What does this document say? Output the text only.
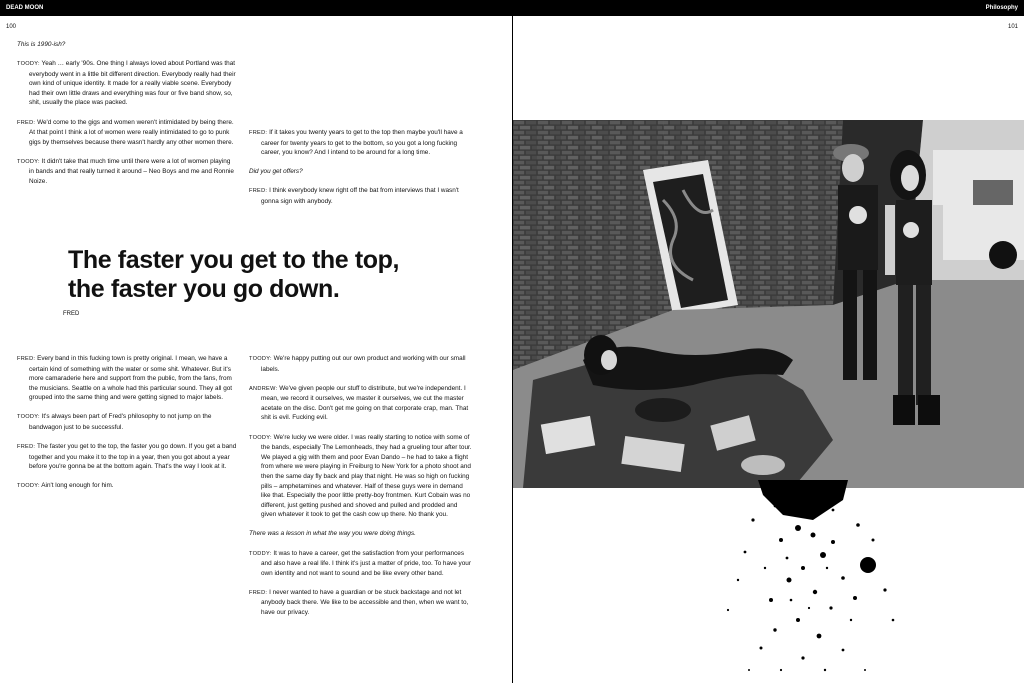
DEAD MOON	Philosophy
100	101

This is 1990-ish?

TOODY: Yeah … early '90s. One thing I always loved about Portland was that everybody went in a little bit different direction. Everybody really had their own kind of unique identity. It made for a really viable scene. Everybody had their own little draws and everything was four or five band show, so, shit, usually the place was packed.

FRED: We'd come to the gigs and women weren't intimidated by being there. At that point I think a lot of women were really intimidated to go to punk gigs by themselves because there wasn't hardly any other women there.

TOODY: It didn't take that much time until there were a lot of women playing in bands and that really turned it around – Neo Boys and me and Ronnie Noize.

FRED: If it takes you twenty years to get to the top then maybe you'll have a career for twenty years to get to the bottom, so you got a long fucking career, you know? And I intend to be around for a long time.

Did you get offers?

FRED: I think everybody knew right off the bat from interviews that I wasn't gonna sign with anybody.

The faster you get to the top,
the faster you go down.
FRED

FRED: Every band in this fucking town is pretty original. I mean, we have a certain kind of something with the water or some shit. Whatever. But it's more camaraderie here and support from the public, from the fans, from the musicians. Seattle on a whole had this particular sound. They all got grouped into the same thing and were getting signed to major labels.

TOODY: It's always been part of Fred's philosophy to not jump on the bandwagon just to be successful.

FRED: The faster you get to the top, the faster you go down. If you get a band together and you make it to the top in a year, then you got about a year before you're gonna be at the bottom again. That's the way I look at it.

TOODY: Ain't long enough for him.

TOODY: We're happy putting out our own product and working with our small labels.

ANDREW: We've given people our stuff to distribute, but we're independent. I mean, we record it ourselves, we master it ourselves, we cut the master acetate on the disc. Don't get me going on that corporate crap, man. That shit is evil. Fucking evil.

TOODY: We're lucky we were older. I was really starting to notice with some of the bands, especially The Lemonheads, they had a grueling tour after tour. We played a gig with them and poor Evan Dando – he had to take a flight from where we were playing in Freiburg to New York for a photo shoot and then the same day fly back and play that night. He was so high on fucking pills – amphetamines and whatever. Half of these guys were in demand like that. Especially the poor little pretty-boy frontmen. Kurt Cobain was no different, just getting pushed and shoved and pulled and prodded and given whatever it took to get the cash cow up there. No thank you.

There was a lesson in what the way you were doing things.

TODDY: It was to have a career, get the satisfaction from your performances and also have a real life. I think it's just a matter of pride, too. To have your own identity and not want to sound and be like every other band.

FRED: I never wanted to have a guardian or be stuck backstage and not let anybody back there. We like to be accessible and then, when we want to, have our privacy.
